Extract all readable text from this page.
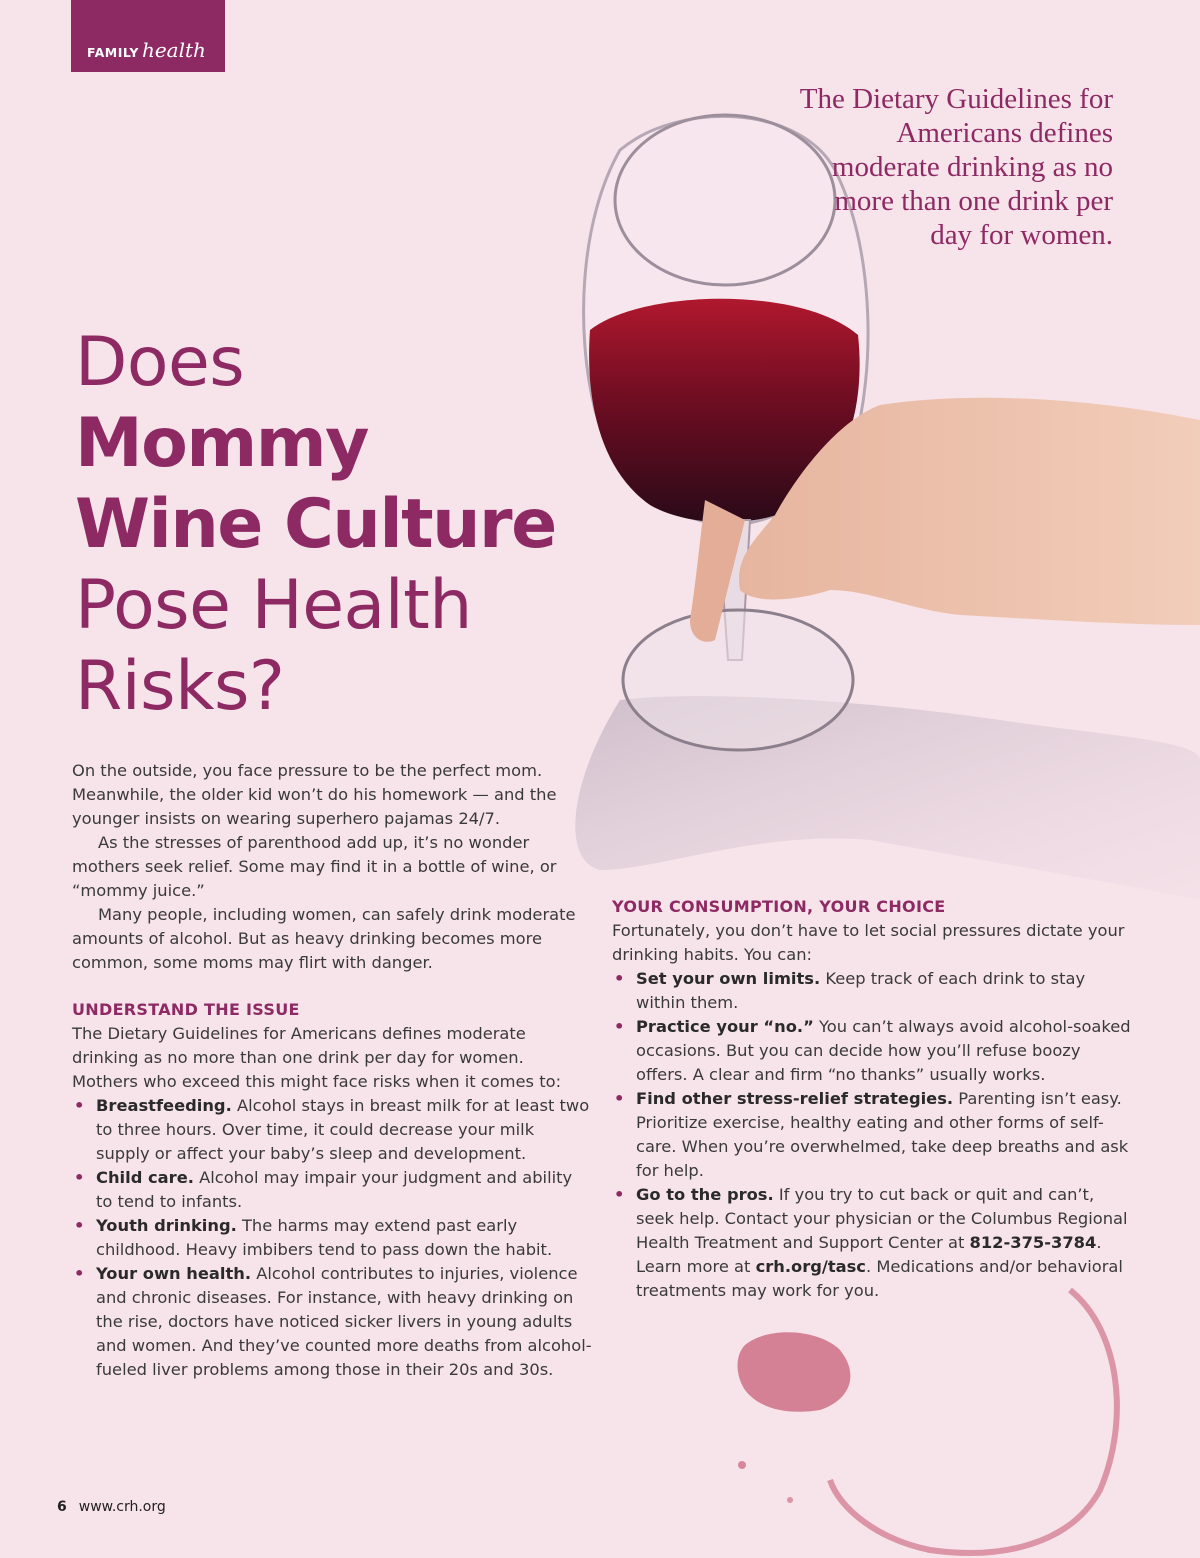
FAMILY health
The Dietary Guidelines for Americans defines moderate drinking as no more than one drink per day for women.
Does
Mommy
Wine Culture
Pose Health
Risks?

On the outside, you face pressure to be the perfect mom. Meanwhile, the older kid won’t do his homework — and the younger insists on wearing superhero pajamas 24/7.

As the stresses of parenthood add up, it’s no wonder mothers seek relief. Some may find it in a bottle of wine, or “mommy juice.”

Many people, including women, can safely drink moderate amounts of alcohol. But as heavy drinking becomes more common, some moms may flirt with danger.

UNDERSTAND THE ISSUE

The Dietary Guidelines for Americans defines moderate drinking as no more than one drink per day for women. Mothers who exceed this might face risks when it comes to:

• Breastfeeding. Alcohol stays in breast milk for at least two to three hours. Over time, it could decrease your milk supply or affect your baby’s sleep and development.
• Child care. Alcohol may impair your judgment and ability to tend to infants.
• Youth drinking. The harms may extend past early childhood. Heavy imbibers tend to pass down the habit.
• Your own health. Alcohol contributes to injuries, violence and chronic diseases. For instance, with heavy drinking on the rise, doctors have noticed sicker livers in young adults and women. And they’ve counted more deaths from alcohol-fueled liver problems among those in their 20s and 30s.
YOUR CONSUMPTION, YOUR CHOICE

Fortunately, you don’t have to let social pressures dictate your drinking habits. You can:

• Set your own limits. Keep track of each drink to stay within them.
• Practice your “no.” You can’t always avoid alcohol-soaked occasions. But you can decide how you’ll refuse boozy offers. A clear and firm “no thanks” usually works.
• Find other stress-relief strategies. Parenting isn’t easy. Prioritize exercise, healthy eating and other forms of self-care. When you’re overwhelmed, take deep breaths and ask for help.
• Go to the pros. If you try to cut back or quit and can’t, seek help. Contact your physician or the Columbus Regional Health Treatment and Support Center at 812-375-3784. Learn more at crh.org/tasc. Medications and/or behavioral treatments may work for you.
6 www.crh.org
